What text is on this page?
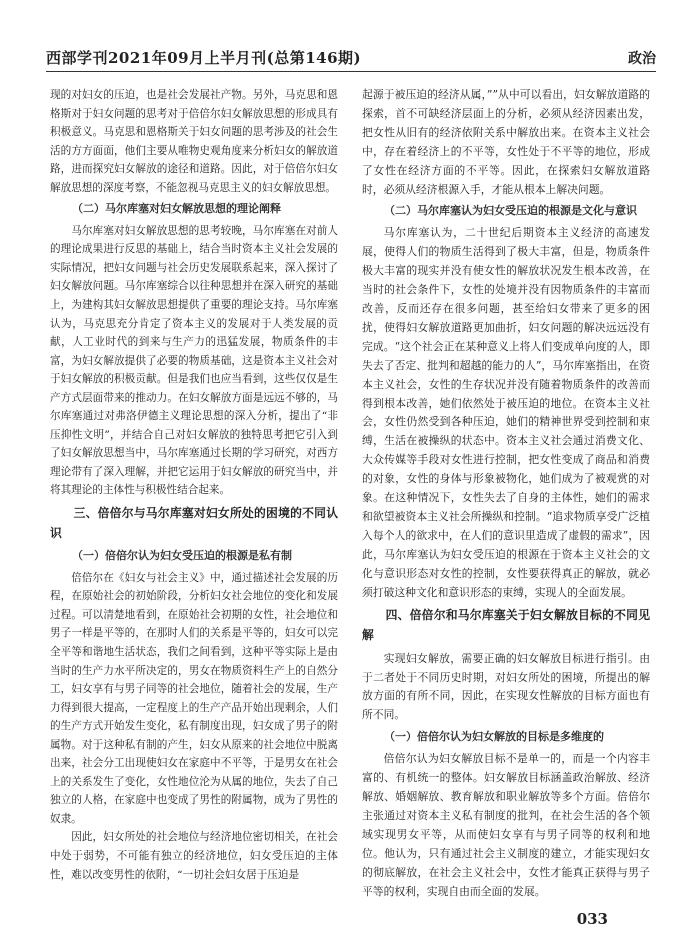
西部学刊2021年09月上半月刊(总第146期)	政治

现的对妇女的压迫，也是社会发展社产物。另外，马克思和恩格斯对于妇女问题的思考对于倍倍尔妇女解放思想的形成具有积极意义。马克思和恩格斯关于妇女问题的思考涉及的社会生活的方方面面，他们主要从唯物史观角度来分析妇女的解放道路，进而探究妇女解放的途径和道路。因此，对于倍倍尔妇女解放思想的深度考察，不能忽视马克思主义的妇女解放思想。

（二）马尔库塞对妇女解放思想的理论阐释

马尔库塞对妇女解放思想的思考较晚，马尔库塞在对前人的理论成果进行反思的基础上，结合当时资本主义社会发展的实际情况，把妇女问题与社会历史发展联系起来，深入探讨了妇女解放问题。马尔库塞综合以往种思想并在深入研究的基础上，为建构其妇女解放思想提供了重要的理论支持。马尔库塞认为，马克思充分肯定了资本主义的发展对于人类发展的贡献，人工业时代的到来与生产力的迅猛发展，物质条件的丰富，为妇女解放提供了必要的物质基础，这是资本主义社会对于妇女解放的积极贡献。但是我们也应当看到，这些仅仅是生产方式层面带来的推动力。在妇女解放方面是远远不够的，马尔库塞通过对弗洛伊德主义理论思想的深入分析，提出了“非压抑性文明”，并结合自己对妇女解放的独特思考把它引入到了妇女解放思想当中，马尔库塞通过长期的学习研究，对西方理论带有了深入理解，并把它运用于妇女解放的研究当中，并将其理论的主体性与积极性结合起来。

三、倍倍尔与马尔库塞对妇女所处的困境的不同认识

（一）倍倍尔认为妇女受压迫的根源是私有制

倍倍尔在《妇女与社会主义》中，通过描述社会发展的历程，在原始社会的初始阶段，分析妇女社会地位的变化和发展过程。可以清楚地看到，在原始社会初期的女性，社会地位和男子一样是平等的，在那时人们的关系是平等的，妇女可以完全平等和谐地生活状态，我们之间看到，这种平等实际上是由当时的生产力水平所决定的，男女在物质资料生产上的自然分工，妇女享有与男子同等的社会地位，随着社会的发展，生产力得到很大提高，一定程度上的生产产品开始出现剩余，人们的生产方式开始发生变化，私有制度出现，妇女成了男子的附属物。对于这种私有制的产生，妇女从原来的社会地位中脱离出来，社会分工出现使妇女在家庭中不平等，于是男女在社会上的关系发生了变化，女性地位沦为从属的地位，失去了自己独立的人格，在家庭中也变成了男性的附属物，成为了男性的奴隶。

因此，妇女所处的社会地位与经济地位密切相关，在社会中处于弱势，不可能有独立的经济地位，妇女受压迫的主体性，难以改变男性的依附，“一切社会妇女居于压迫是

起源于被压迫的经济从属，””从中可以看出，妇女解放道路的探索，首不可缺经济层面上的分析，必须从经济因素出发，把女性从旧有的经济依附关系中解放出来。在资本主义社会中，存在着经济上的不平等，女性处于不平等的地位，形成了女性在经济方面的不平等。因此，在探索妇女解放道路时，必须从经济根源入手，才能从根本上解决问题。

（二）马尔库塞认为妇女受压迫的根源是文化与意识

马尔库塞认为，二十世纪后期资本主义经济的高速发展，使得人们的物质生活得到了极大丰富，但是，物质条件极大丰富的现实并没有使女性的解放状况发生根本改善，在当时的社会条件下，女性的处境并没有因物质条件的丰富而改善，反而还存在很多问题，甚至给妇女带来了更多的困扰，使得妇女解放道路更加曲折，妇女问题的解决远远没有完成。“这个社会正在某种意义上将人们变成单向度的人，即失去了否定、批判和超越的能力的人”，马尔库塞指出，在资本主义社会，女性的生存状况并没有随着物质条件的改善而得到根本改善，她们依然处于被压迫的地位。在资本主义社会，女性仍然受到各种压迫，她们的精神世界受到控制和束缚，生活在被操纵的状态中。资本主义社会通过消费文化、大众传媒等手段对女性进行控制，把女性变成了商品和消费的对象，女性的身体与形象被物化，她们成为了被观赏的对象。在这种情况下，女性失去了自身的主体性，她们的需求和欲望被资本主义社会所操纵和控制。“追求物质享受广泛植入每个人的欲求中，在人们的意识里造成了虚假的需求”，因此，马尔库塞认为妇女受压迫的根源在于资本主义社会的文化与意识形态对女性的控制，女性要获得真正的解放，就必须打破这种文化和意识形态的束缚，实现人的全面发展。

四、倍倍尔和马尔库塞关于妇女解放目标的不同见解

实现妇女解放，需要正确的妇女解放目标进行指引。由于二者处于不同历史时期，对妇女所处的困境，所提出的解放方面的有所不同，因此，在实现女性解放的目标方面也有所不同。

（一）倍倍尔认为妇女解放的目标是多维度的

倍倍尔认为妇女解放目标不是单一的，而是一个内容丰富的、有机统一的整体。妇女解放目标涵盖政治解放、经济解放、婚姻解放、教育解放和职业解放等多个方面。倍倍尔主张通过对资本主义私有制度的批判，在社会生活的各个领域实现男女平等，从而使妇女享有与男子同等的权利和地位。他认为，只有通过社会主义制度的建立，才能实现妇女的彻底解放，在社会主义社会中，女性才能真正获得与男子平等的权利，实现自由而全面的发展。

033
